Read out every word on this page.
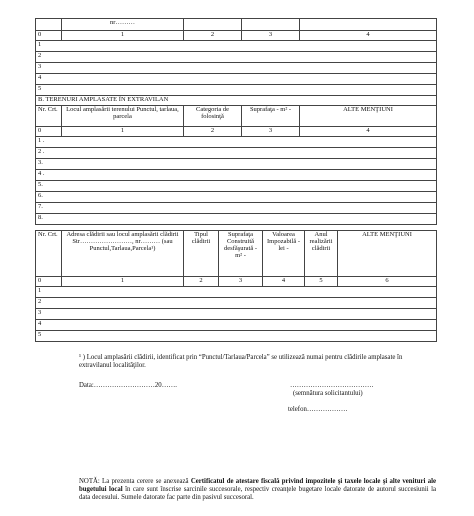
	nr………			
0	1	2	3	4
1				
2				
3				
4				
5				
B. TERENURI AMPLASATE ÎN EXTRAVILAN				
Nr. Crt.	Locul amplasării terenului Punctul, tarlaua, parcela	Categoria de folosinţă	Suprafaţa - m² -	ALTE MENŢIUNI
0	1	2	3	4
1 .				
2 .				
3.				
4 .				
5.				
6.				
7.				
8.				
Nr. Crt.	Adresa clădirii sau locul amplasării clădirii Str……………………, nr……… (sau Punctul,Tarlaua,Parcela¹)	Tipul clădirii	Suprafaţa Construită desfăşurată - m² -	Valoarea Impozabilă - lei -	Anul realizării clădirii	ALTE MENŢIUNI
0	1	2	3	4	5	6
1						
2						
3						
4						
5						
¹ ) Locul amplasării clădirii, identificat prin “Punctul/Tarlaua/Parcela” se utilizează numai pentru clădirile amplasate în extravilanul localităţilor.
Data:………………………20…….	……………………………….
(semnătura solicitantului)
telefon………………
NOTĂ: La prezenta cerere se anexează Certificatul de atestare fiscală privind impozitele şi taxele locale şi alte venituri ale bugetului local în care sunt înscrise sarcinile succesorale, respectiv creanţele bugetare locale datorate de autorul succesiunii la data decesului. Sumele datorate fac parte din pasivul succesoral.
